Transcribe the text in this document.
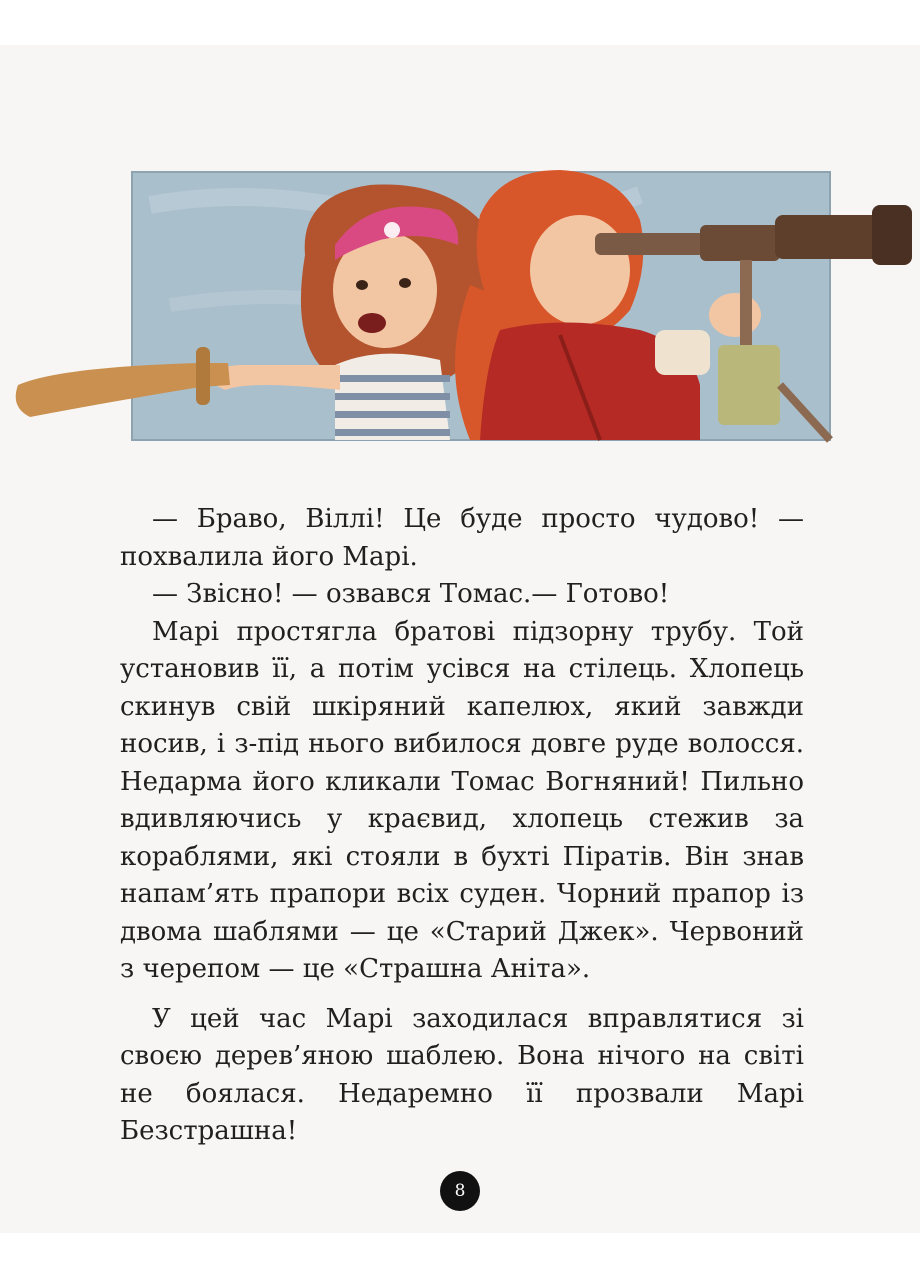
— Браво, Віллі! Це буде просто чудово! — похвалила його Марі.

— Звісно! — озвався Томас.— Готово!

Марі простягла братові підзорну трубу. Той установив її, а потім усівся на стілець. Хлопець скинув свій шкіряний капелюх, який завжди носив, і з-під нього вибилося довге руде волосся. Недарма його кликали Томас Вогняний! Пильно вдивляючись у краєвид, хлопець стежив за кораблями, які стояли в бухті Піратів. Він знав напам’ять прапори всіх суден. Чорний прапор із двома шаблями — це «Старий Джек». Червоний з черепом — це «Страшна Аніта».

У цей час Марі заходилася вправлятися зі своєю дерев’яною шаблею. Вона нічого на світі не боялася. Недаремно її прозвали Марі Безстрашна!

8
